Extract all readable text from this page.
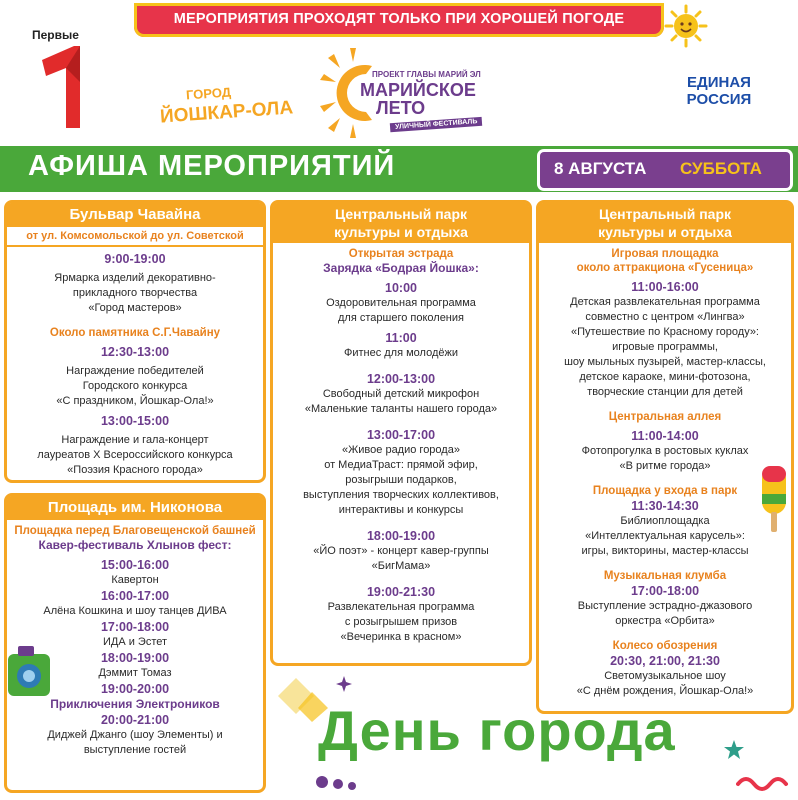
МЕРОПРИЯТИЯ ПРОХОДЯТ ТОЛЬКО ПРИ ХОРОШЕЙ ПОГОДЕ
Первые
ГОРОД
ЙОШКАР-ОЛА
ПРОЕКТ ГЛАВЫ МАРИЙ ЭЛ
МАРИЙСКОЕ
ЛЕТО
УЛИЧНЫЙ ФЕСТИВАЛЬ
ЕДИНАЯ
РОССИЯ
АФИША МЕРОПРИЯТИЙ	8 АВГУСТА СУББОТА
Бульвар Чавайна
от ул. Комсомольской до ул. Советской
9:00-19:00
Ярмарка изделий декоративно-
прикладного творчества
«Город мастеров»
Около памятника С.Г.Чавайну
12:30-13:00
Награждение победителей
Городского конкурса
«С праздником, Йошкар-Ола!»
13:00-15:00
Награждение и гала-концерт
лауреатов X Всероссийского конкурса
«Поэзия Красного города»
Площадь им. Никонова
Площадка перед Благовещенской башней
Кавер-фестиваль Хлынов фест:
15:00-16:00
Кавертон
16:00-17:00
Алёна Кошкина и шоу танцев ДИВА
17:00-18:00
ИДА и Эстет
18:00-19:00
Дэммит Томаз
19:00-20:00
Приключения Электроников
20:00-21:00
Диджей Джанго (шоу Элементы) и
выступление гостей
Центральный парк
культуры и отдыха
Открытая эстрада
Зарядка «Бодрая Йошка»:
10:00
Оздоровительная программа
для старшего поколения
11:00
Фитнес для молодёжи
12:00-13:00
Свободный детский микрофон
«Маленькие таланты нашего города»
13:00-17:00
«Живое радио города»
от МедиаТраст: прямой эфир,
розыгрыши подарков,
выступления творческих коллективов,
интерактивы и конкурсы
18:00-19:00
«ЙО поэт» - концерт кавер-группы
«БигМама»
19:00-21:30
Развлекательная программа
с розыгрышем призов
«Вечеринка в красном»
Центральный парк
культуры и отдыха
Игровая площадка
около аттракциона «Гусеница»
11:00-16:00
Детская развлекательная программа
совместно с центром «Лингва»
«Путешествие по Красному городу»:
игровые программы,
шоу мыльных пузырей, мастер-классы,
детское караоке, мини-фотозона,
творческие станции для детей
Центральная аллея
11:00-14:00
Фотопрогулка в ростовых куклах
«В ритме города»
Площадка у входа в парк
11:30-14:30
Библиоплощадка
«Интеллектуальная карусель»:
игры, викторины, мастер-классы
Музыкальная клумба
17:00-18:00
Выступление эстрадно-джазового
оркестра «Орбита»
Колесо обозрения
20:30, 21:00, 21:30
Светомузыкальное шоу
«С днём рождения, Йошкар-Ола!»
День города
